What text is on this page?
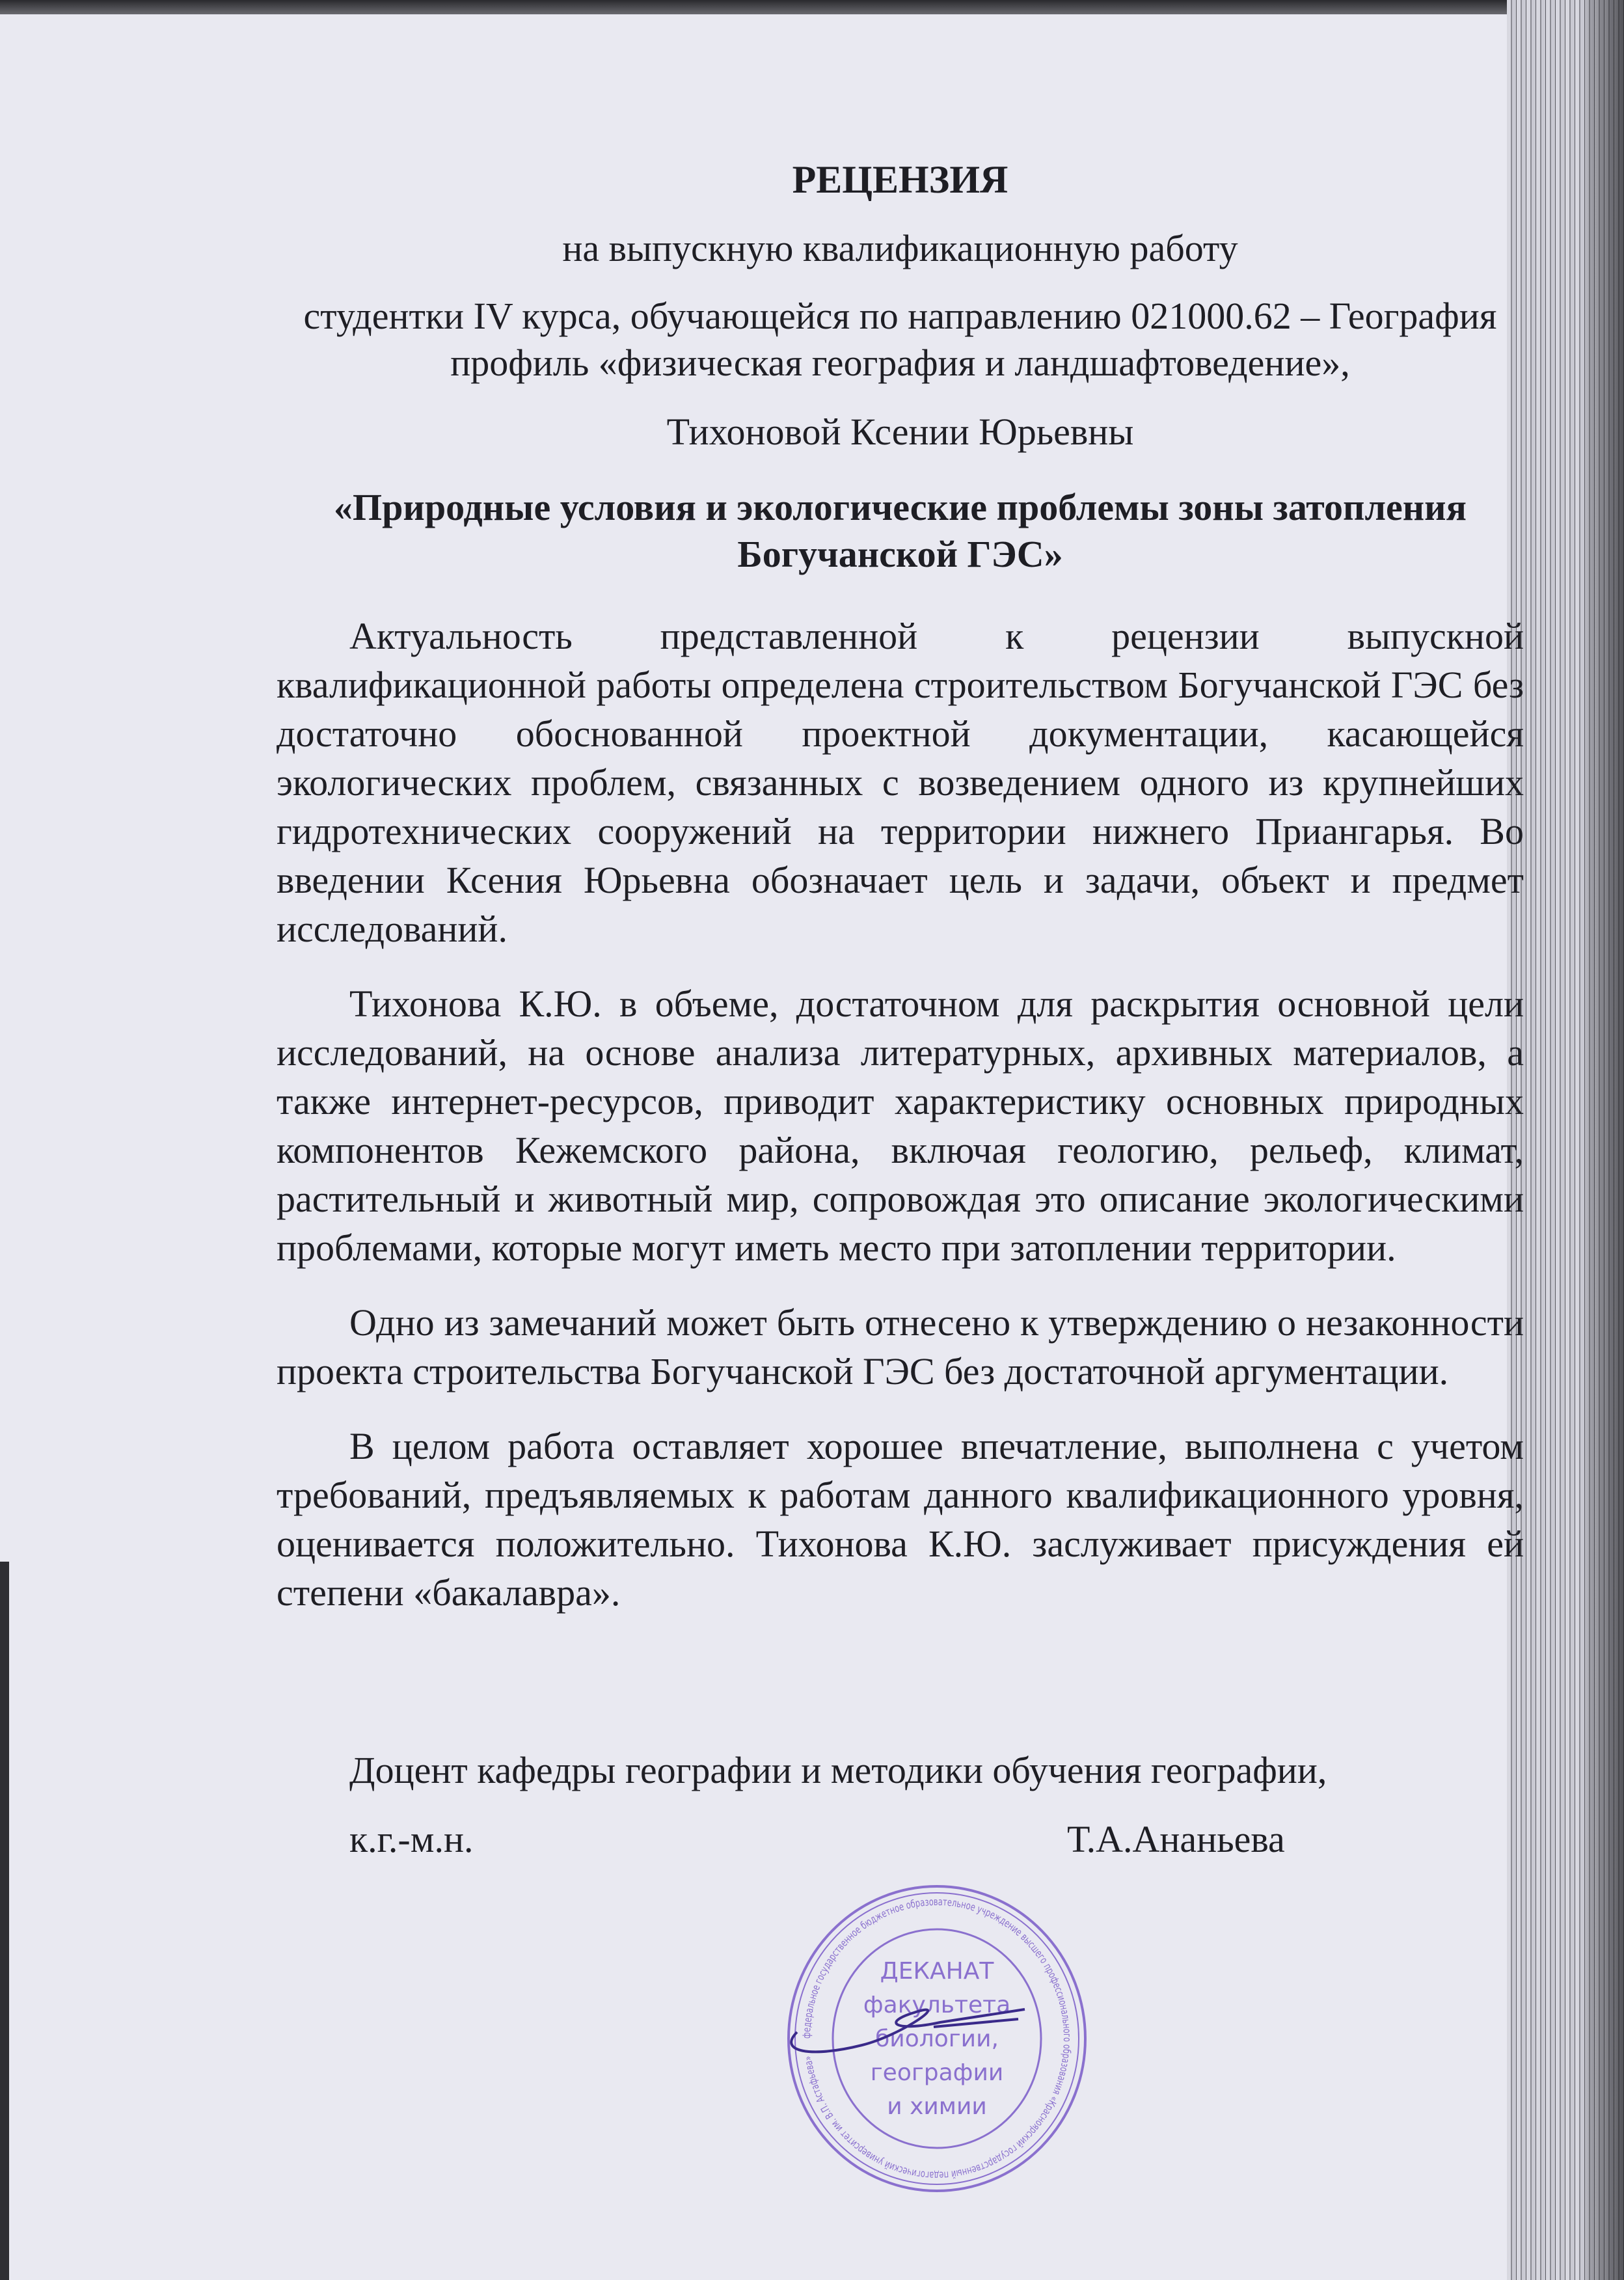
РЕЦЕНЗИЯ
на выпускную квалификационную работу
студентки IV курса, обучающейся по направлению 021000.62 – География
профиль «физическая география и ландшафтоведение»,
Тихоновой Ксении Юрьевны
«Природные условия и экологические проблемы зоны затопления
Богучанской ГЭС»

Актуальность представленной к рецензии выпускной квалификационной работы определена строительством Богучанской ГЭС без достаточно обоснованной проектной документации, касающейся экологических проблем, связанных с возведением одного из крупнейших гидротехнических сооружений на территории нижнего Приангарья. Во введении Ксения Юрьевна обозначает цель и задачи, объект и предмет исследований.

Тихонова К.Ю. в объеме, достаточном для раскрытия основной цели исследований, на основе анализа литературных, архивных материалов, а также интернет-ресурсов, приводит характеристику основных природных компонентов Кежемского района, включая геологию, рельеф, климат, растительный и животный мир, сопровождая это описание экологическими проблемами, которые могут иметь место при затоплении территории.

Одно из замечаний может быть отнесено к утверждению о незаконности проекта строительства Богучанской ГЭС без достаточной аргументации.

В целом работа оставляет хорошее впечатление, выполнена с учетом требований, предъявляемых к работам данного квалификационного уровня, оценивается положительно. Тихонова К.Ю. заслуживает присуждения ей степени «бакалавра».

Доцент кафедры географии и методики обучения географии,
к.г.-м.н.	Т.А.Ананьева
федеральное государственное бюджетное образовательное учреждение высшего профессионального образования «Красноярский государственный педагогический университет им. В.П. Астафьева»
ДЕКАНАТ
факультета
биологии,
географии
и химии
